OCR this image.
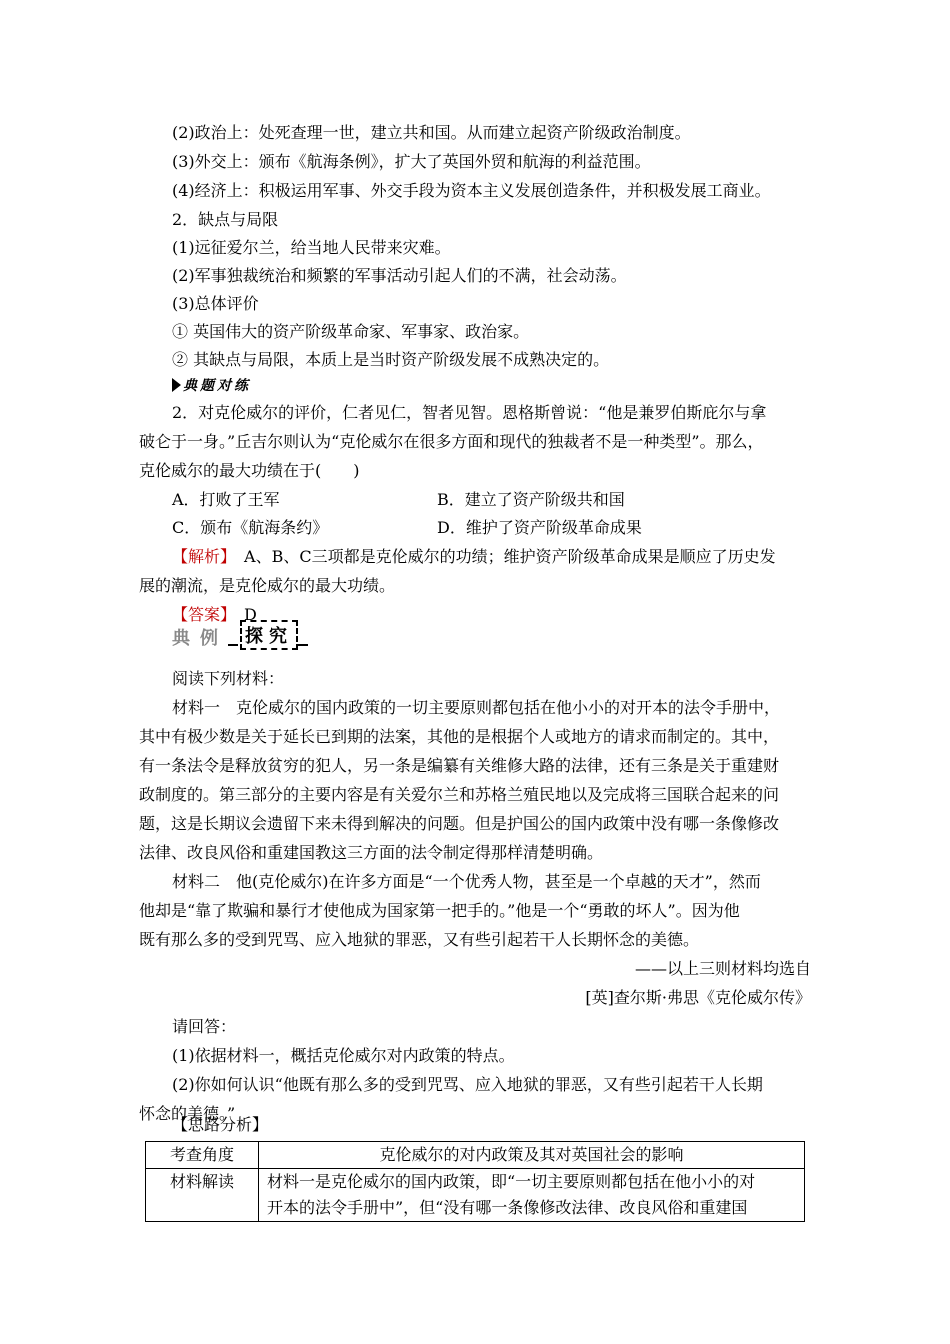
(2)政治上：处死查理一世，建立共和国。从而建立起资产阶级政治制度。
(3)外交上：颁布《航海条例》，扩大了英国外贸和航海的利益范围。
(4)经济上：积极运用军事、外交手段为资本主义发展创造条件，并积极发展工商业。
2．缺点与局限
(1)远征爱尔兰，给当地人民带来灾难。
(2)军事独裁统治和频繁的军事活动引起人们的不满，社会动荡。
(3)总体评价
① 英国伟大的资产阶级革命家、军事家、政治家。
② 其缺点与局限，本质上是当时资产阶级发展不成熟决定的。
典题对练
2．对克伦威尔的评价，仁者见仁，智者见智。恩格斯曾说：“他是兼罗伯斯庇尔与拿
破仑于一身。”丘吉尔则认为“克伦威尔在很多方面和现代的独裁者不是一种类型”。那么，
克伦威尔的最大功绩在于(　　)
A．打败了王军	B．建立了资产阶级共和国
C．颁布《航海条约》	D．维护了资产阶级革命成果
【解析】　A、B、C三项都是克伦威尔的功绩；维护资产阶级革命成果是顺应了历史发
展的潮流，是克伦威尔的最大功绩。
【答案】　D
典例 探究
阅读下列材料：
材料一　克伦威尔的国内政策的一切主要原则都包括在他小小的对开本的法令手册中，
其中有极少数是关于延长已到期的法案，其他的是根据个人或地方的请求而制定的。其中，
有一条法令是释放贫穷的犯人，另一条是编纂有关维修大路的法律，还有三条是关于重建财
政制度的。第三部分的主要内容是有关爱尔兰和苏格兰殖民地以及完成将三国联合起来的问
题，这是长期议会遗留下来未得到解决的问题。但是护国公的国内政策中没有哪一条像修改
法律、改良风俗和重建国教这三方面的法令制定得那样清楚明确。
材料二　他(克伦威尔)在许多方面是“一个优秀人物，甚至是一个卓越的天才”，然而
他却是“靠了欺骗和暴行才使他成为国家第一把手的。”他是一个“勇敢的坏人”。因为他
既有那么多的受到咒骂、应入地狱的罪恶，又有些引起若干人长期怀念的美德。
——以上三则材料均选自
[英]查尔斯·弗思《克伦威尔传》
请回答：
(1)依据材料一，概括克伦威尔对内政策的特点。
(2)你如何认识“他既有那么多的受到咒骂、应入地狱的罪恶，又有些引起若干人长期
怀念的美德。”
考查角度	克伦威尔的对内政策及其对英国社会的影响
材料解读	材料一是克伦威尔的国内政策，即“一切主要原则都包括在他小小的对
开本的法令手册中”，但“没有哪一条像修改法律、改良风俗和重建国
【思路分析】
